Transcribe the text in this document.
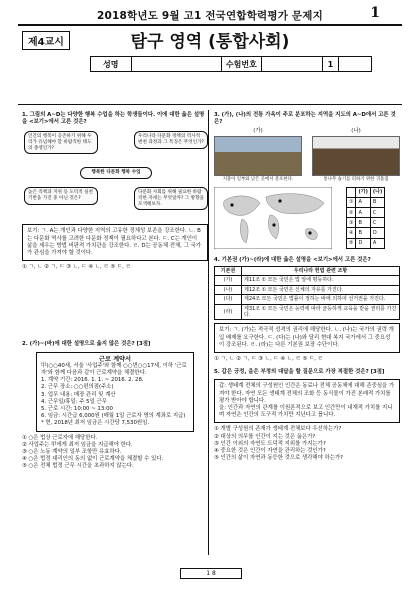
2018학년도 9월 고1 전국연합학력평가 문제지	1
제4교시	탐구 영역 (통합사회)
성명	수험번호	1
1. 그림의 A~D는 다양한 행복 수업을 하는 학생들이다. 이에 대한 옳은 설명을 <보기>에서 고른 것은?
인간의 행복이 공존하기 위해 우리가 유념해야 할 바람직한 태도의 종영인가?
우리나라 다문화 정책의 역사적 변천 과정과 그 특징은 무엇인가?
행복한 다문화 행복 수업
높은 직책과 지위 등 도덕적 실천 기반을 가진 중 아닌 것은?
다문화 사회를 위해 필요한 바람직한 자세는 무엇일까? 그 방향을 모색해보자.
보기: ㄱ. A는 개인과 다양한 지역의 고유한 정체성 보존을 강조한다. ㄴ. B는 다문화 역사를 고려한 다문화 정책이 필요하다고 본다. ㄷ. C는 개인이 삶을 세우는 방법 비판적 가치관을 강조한다. ㄹ. D는 공동체 전체, 그 국가가 관심을 가져야 할 것이다.
① ㄱ, ㄴ ② ㄱ, ㄷ ③ ㄴ, ㄷ ④ ㄴ, ㄹ ⑤ ㄷ, ㄹ
2. (가)~(바)에 대한 설명으로 옳지 않은 것은? [3점]
근로 계약서
甲(○○40세, 서울 '사업주'와 함께 ○○번○○17세, 이하 '근로자'와 함께 다음과 같이 근로계약을 체결한다.
1. 계약 기간: 2016. 1. 1. ~ 2016. 2. 28.
2. 근무 장소: ○○편의점(주소)
3. 업무 내용: 매장 관리 및 계산
4. 근무일/휴일: 주 5일 근무
5. 근로 시간: 10:00 ~ 13:00
6. 임금: 시간급 6,000원 (매월 1일 근로자 명의 계좌로 지급)
* 현, 2018년 최저 임금은 시간당 7,530원임.
① ○은 법상 근로자에 해당한다.
② 사업주는 甲에게 최저 임금을 지급해야 한다.
③ ○은 노동 계약의 일부 조항만 유효하다.
④ ○은 법정 대리인의 동의 없이 근로계약을 체결할 수 있다.
⑤ ○은 전체 법정 근무 시간을 초과하지 않는다.
3. (가), (나)의 전통 가옥이 주로 분포하는 지역을 지도의 A~D에서 고른 것은?
(가)
지붕이 일부와 낮은 곳에서 분포한다.
(나)
통나무 습기를 피하기 위한 귀틀집
	(가)	(나)
①	A	B
②	A	C
③	B	C
④	B	D
⑤	D	A
4. 기본권 (가)~(라)에 대한 옳은 설명을 <보기>에서 고른 것은?
기본권	우리나라 헌법 관련 조항
(가)	제11조 ① 모든 국민은 법 앞에 평등하다.
(나)	제12조 ① 모든 국민은 신체의 자유를 가진다.
(다)	제24조 모든 국민은 법률이 정하는 바에 의하여 선거권을 가진다.
(라)	제31조 ① 모든 국민은 능력에 따라 균등하게 교육을 받을 권리를 가진다.
보기: ㄱ. (가)는 적극적 성격의 권리에 해당한다. ㄴ. (나)는 국가의 권력 개입 배제를 요구한다. ㄷ. (다)는 (나)와 달리 현대 복지 국가에서 그 중요성이 강조된다. ㄹ. (라)는 다른 기본권 보장 수단이다.
① ㄱ, ㄴ ② ㄱ, ㄷ ③ ㄴ, ㄷ ④ ㄴ, ㄹ ⑤ ㄷ, ㄹ
5. 갑은 긍정, 을은 부정의 대답을 할 질문으로 가장 적절한 것은? [3점]
갑: 생태계 전체의 구성원인 인간은 동료나 전체 공동체에 대해 존중심을 가져야 한다. 자연 모든 생태계 전체의 조화 등 동식물이 가진 본래적 가치를 평가 받아야 합니다.
을: 인간과 자연의 관계를 이원론적으로 보고 인간만이 내재적 가치를 지니며 자연은 인간의 도구적 가치만 지닌다고 봅니다.
① 개별 구성원의 존재가 생태계 전체보다 우선하는가?
② 대상의 의무를 인간이 지는 것은 옳은가?
③ 인간 이외의 자연도 도덕적 지위를 가지는가?
④ 중요한 것은 인간이 자연을 관리하는 것인가?
⑤ 인간의 삶이 자연과 동등한 것으로 생각해야 하는가?
1 8
